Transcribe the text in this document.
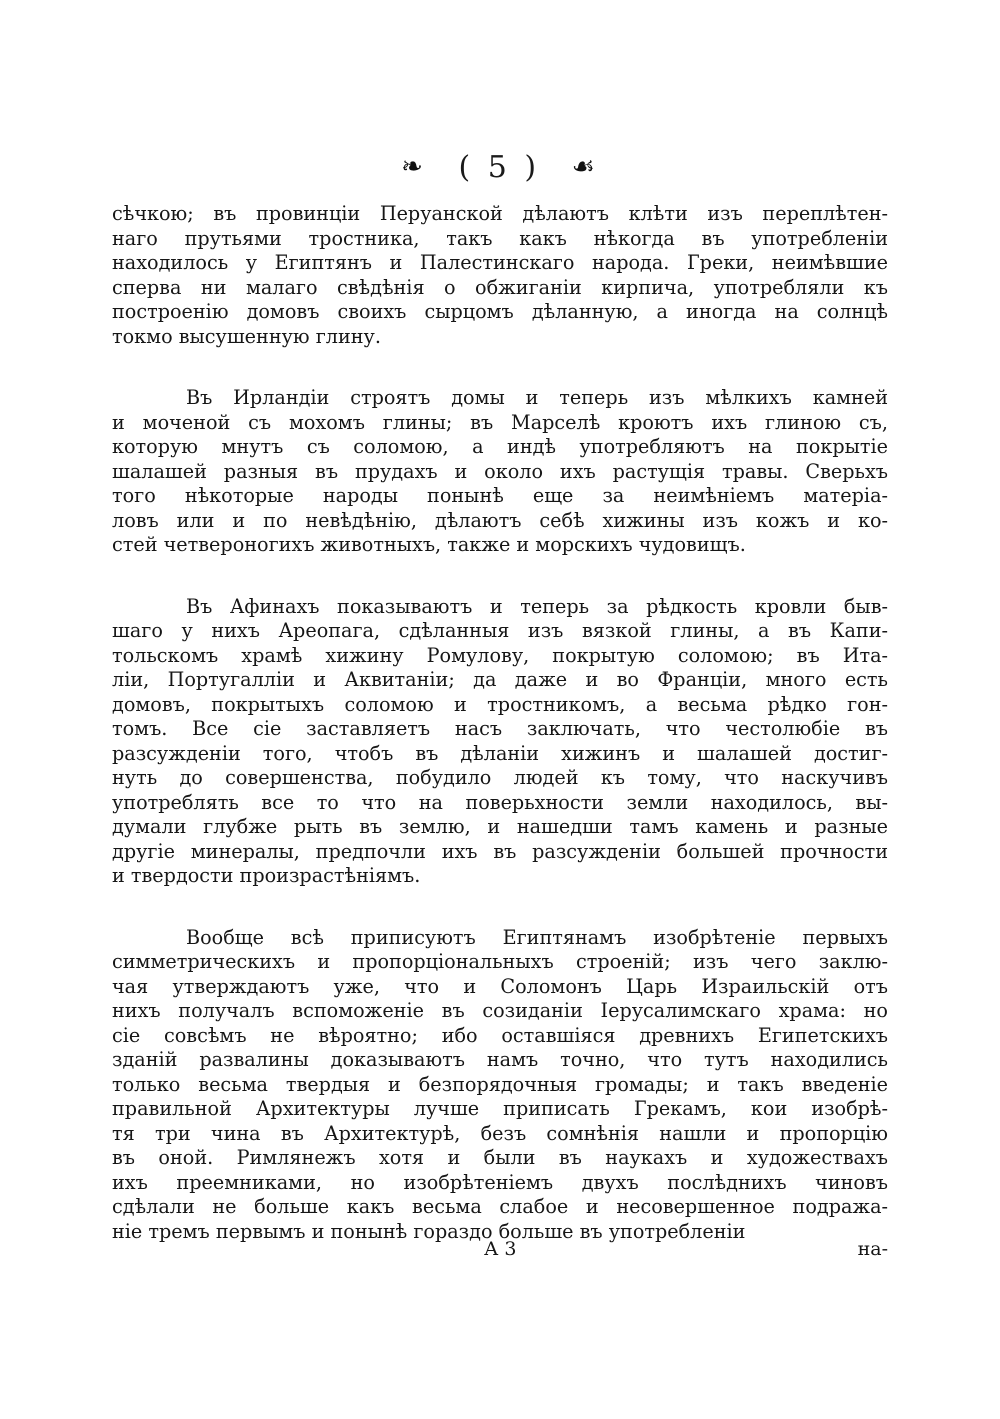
❧ ( 5 ) ☙
сѣчкою; въ провинціи Перуанской дѣлаютъ клѣти изъ переплѣтен-
наго прутьями тростника, такъ какъ нѣкогда въ употребленіи
находилось у Египтянъ и Палестинскаго народа. Греки, неимѣвшие
сперва ни малаго свѣдѣнія о обжиганіи кирпича, употребляли къ
построенію домовъ своихъ сырцомъ дѣланную, а иногда на солнцѣ
токмо высушенную глину.
Въ Ирландіи строятъ домы и теперь изъ мѣлкихъ камней
и моченой съ мохомъ глины; въ Марселѣ кроютъ ихъ глиною съ,
которую мнутъ съ соломою, а индѣ употребляютъ на покрытіе
шалашей разныя въ прудахъ и около ихъ растущія травы. Сверьхъ
того нѣкоторые народы понынѣ еще за неимѣніемъ матеріа-
ловъ или и по невѣдѣнію, дѣлаютъ себѣ хижины изъ кожъ и ко-
стей четвероногихъ животныхъ, также и морскихъ чудовищъ.
Въ Афинахъ показываютъ и теперь за рѣдкость кровли быв-
шаго у нихъ Ареопага, сдѣланныя изъ вязкой глины, а въ Капи-
тольскомъ храмѣ хижину Ромулову, покрытую соломою; въ Ита-
ліи, Португалліи и Аквитаніи; да даже и во Франціи, много есть
домовъ, покрытыхъ соломою и тростникомъ, а весьма рѣдко гон-
томъ. Все сіе заставляетъ насъ заключать, что честолюбіе въ
разсужденіи того, чтобъ въ дѣланіи хижинъ и шалашей достиг-
нуть до совершенства, побудило людей къ тому, что наскучивъ
употреблять все то что на поверьхности земли находилось, вы-
думали глубже рыть въ землю, и нашедши тамъ камень и разные
другіе минералы, предпочли ихъ въ разсужденіи большей прочности
и твердости произрастѣніямъ.
Вообще всѣ приписуютъ Египтянамъ изобрѣтеніе первыхъ
симметрическихъ и пропорціональныхъ строеній; изъ чего заклю-
чая утверждаютъ уже, что и Соломонъ Царь Израильскій отъ
нихъ получалъ вспоможеніе въ созиданіи Іерусалимскаго храма: но
сіе совсѣмъ не вѣроятно; ибо оставшіяся древнихъ Египетскихъ
зданій развалины доказываютъ намъ точно, что тутъ находились
только весьма твердыя и безпорядочныя громады; и такъ введеніе
правильной Архитектуры лучше приписать Грекамъ, кои изобрѣ-
тя три чина въ Архитектурѣ, безъ сомнѣнія нашли и пропорцію
въ оной. Римлянежъ хотя и были въ наукахъ и художествахъ
ихъ преемниками, но изобрѣтеніемъ двухъ послѣднихъ чиновъ
сдѣлали не больше какъ весьма слабое и несовершенное подража-
ніе тремъ первымъ и понынѣ гораздо больше въ употребленіи
А 3	на-
